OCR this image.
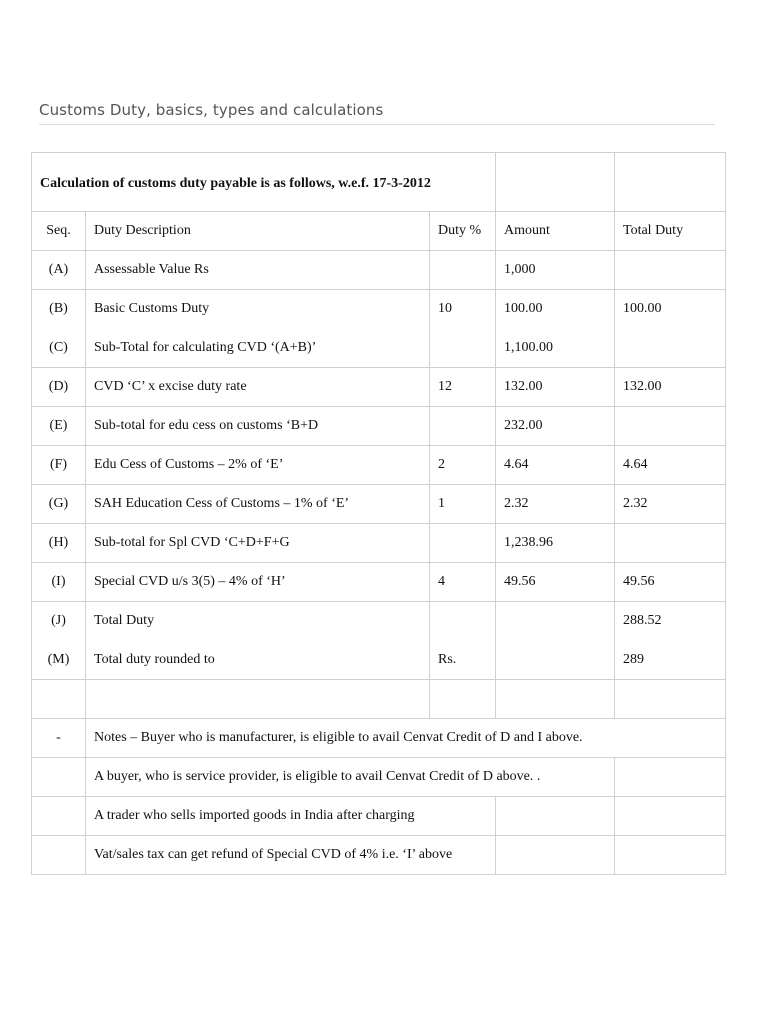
Customs Duty, basics, types and calculations
Calculation of customs duty payable is as follows, w.e.f. 17-3-2012				
Seq.	Duty Description	Duty %	Amount	Total Duty
(A)	Assessable Value Rs		1,000	
(B)	Basic Customs Duty	10	100.00	100.00
(C)	Sub-Total for calculating CVD ‘(A+B)’		1,100.00	
(D)	CVD ‘C’ x excise duty rate	12	132.00	132.00
(E)	Sub-total for edu cess on customs ‘B+D		232.00	
(F)	Edu Cess of Customs – 2% of ‘E’	2	4.64	4.64
(G)	SAH Education Cess of Customs – 1% of ‘E’	1	2.32	2.32
(H)	Sub-total for Spl CVD ‘C+D+F+G		1,238.96	
(I)	Special CVD u/s 3(5) – 4% of ‘H’	4	49.56	49.56
(J)	Total Duty			288.52
(M)	Total duty rounded to	Rs.		289

-	Notes – Buyer who is manufacturer, is eligible to avail Cenvat Credit of D and I above.			
	A buyer, who is service provider, is eligible to avail Cenvat Credit of D above. .			
	A trader who sells imported goods in India after charging			
	Vat/sales tax can get refund of Special CVD of 4% i.e. ‘I’ above			
